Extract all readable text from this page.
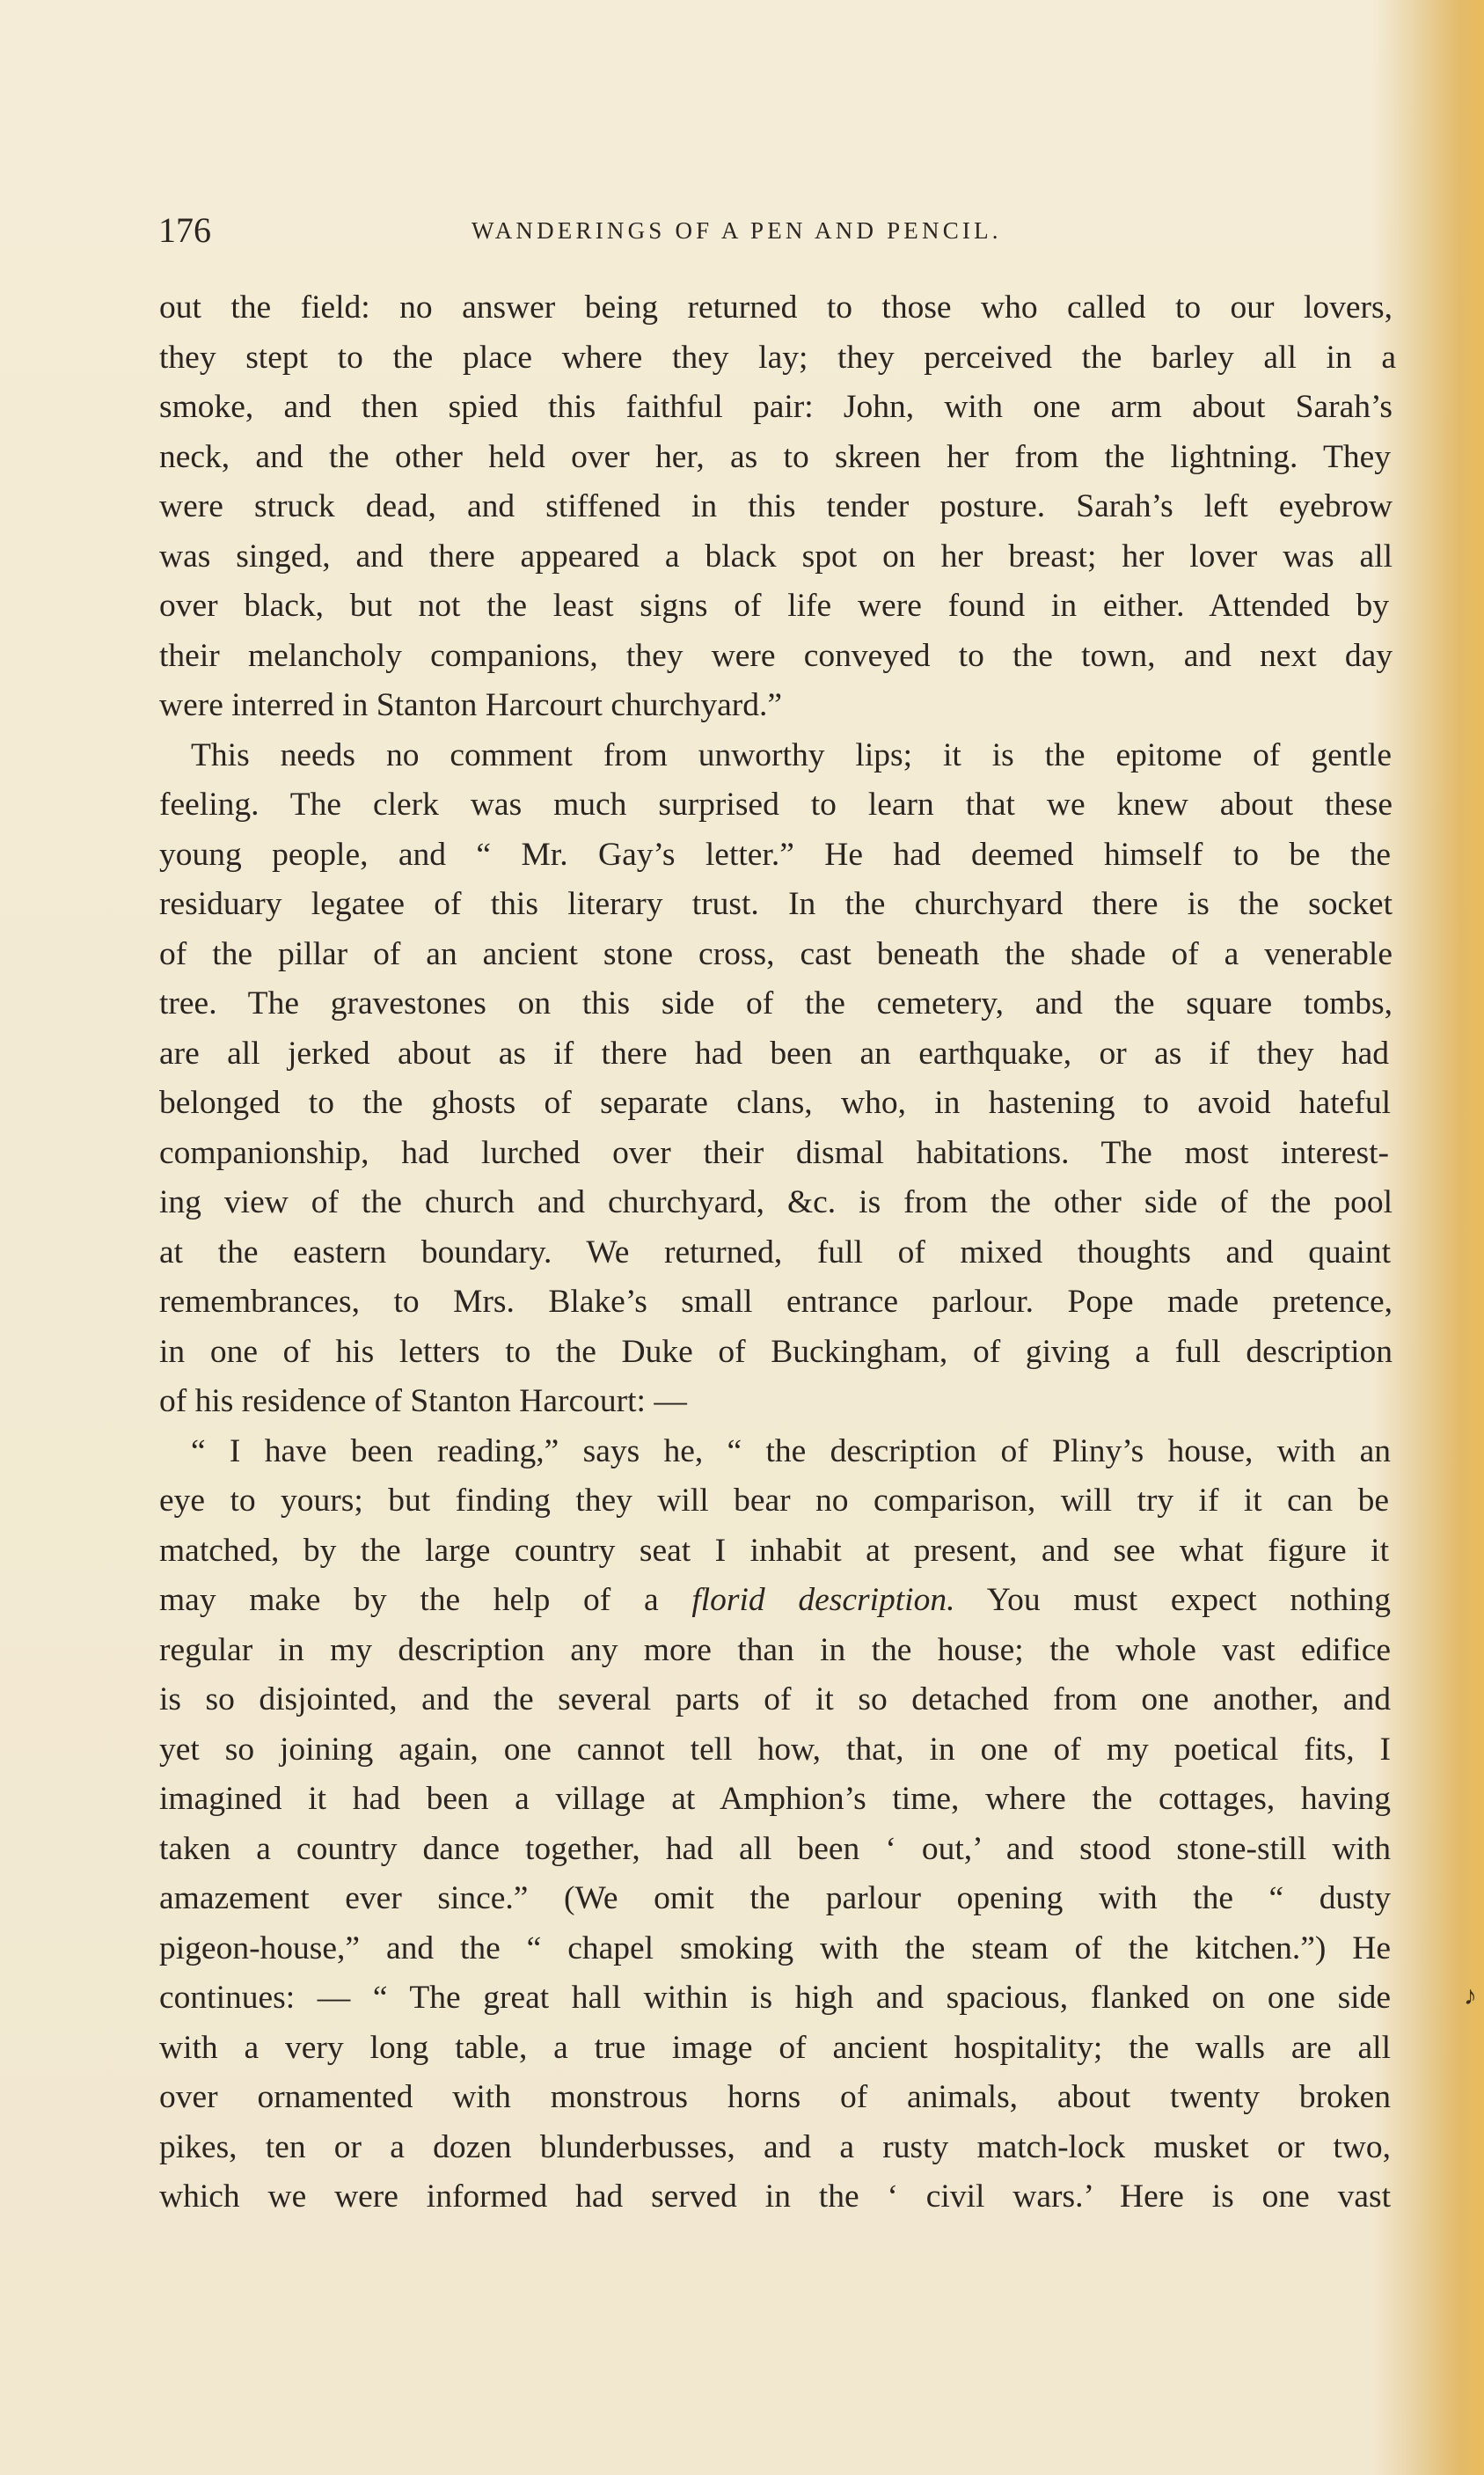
176	WANDERINGS OF A PEN AND PENCIL.
out the field: no answer being returned to those who called to our lovers,
they stept to the place where they lay; they perceived the barley all in a
smoke, and then spied this faithful pair: John, with one arm about Sarah’s
neck, and the other held over her, as to skreen her from the lightning. They
were struck dead, and stiffened in this tender posture. Sarah’s left eyebrow
was singed, and there appeared a black spot on her breast; her lover was all
over black, but not the least signs of life were found in either. Attended by
their melancholy companions, they were conveyed to the town, and next day
were interred in Stanton Harcourt churchyard.”
This needs no comment from unworthy lips; it is the epitome of gentle
feeling. The clerk was much surprised to learn that we knew about these
young people, and “ Mr. Gay’s letter.” He had deemed himself to be the
residuary legatee of this literary trust. In the churchyard there is the socket
of the pillar of an ancient stone cross, cast beneath the shade of a venerable
tree. The gravestones on this side of the cemetery, and the square tombs,
are all jerked about as if there had been an earthquake, or as if they had
belonged to the ghosts of separate clans, who, in hastening to avoid hateful
companionship, had lurched over their dismal habitations. The most interest-
ing view of the church and churchyard, &c. is from the other side of the pool
at the eastern boundary. We returned, full of mixed thoughts and quaint
remembrances, to Mrs. Blake’s small entrance parlour. Pope made pretence,
in one of his letters to the Duke of Buckingham, of giving a full description
of his residence of Stanton Harcourt: —
“ I have been reading,” says he, “ the description of Pliny’s house, with an
eye to yours; but finding they will bear no comparison, will try if it can be
matched, by the large country seat I inhabit at present, and see what figure it
may make by the help of a florid description. You must expect nothing
regular in my description any more than in the house; the whole vast edifice
is so disjointed, and the several parts of it so detached from one another, and
yet so joining again, one cannot tell how, that, in one of my poetical fits, I
imagined it had been a village at Amphion’s time, where the cottages, having
taken a country dance together, had all been ‘ out,’ and stood stone-still with
amazement ever since.” (We omit the parlour opening with the “ dusty
pigeon-house,” and the “ chapel smoking with the steam of the kitchen.”) He
continues: — “ The great hall within is high and spacious, flanked on one side
with a very long table, a true image of ancient hospitality; the walls are all
over ornamented with monstrous horns of animals, about twenty broken
pikes, ten or a dozen blunderbusses, and a rusty match-lock musket or two,
which we were informed had served in the ‘ civil wars.’ Here is one vast
♪
